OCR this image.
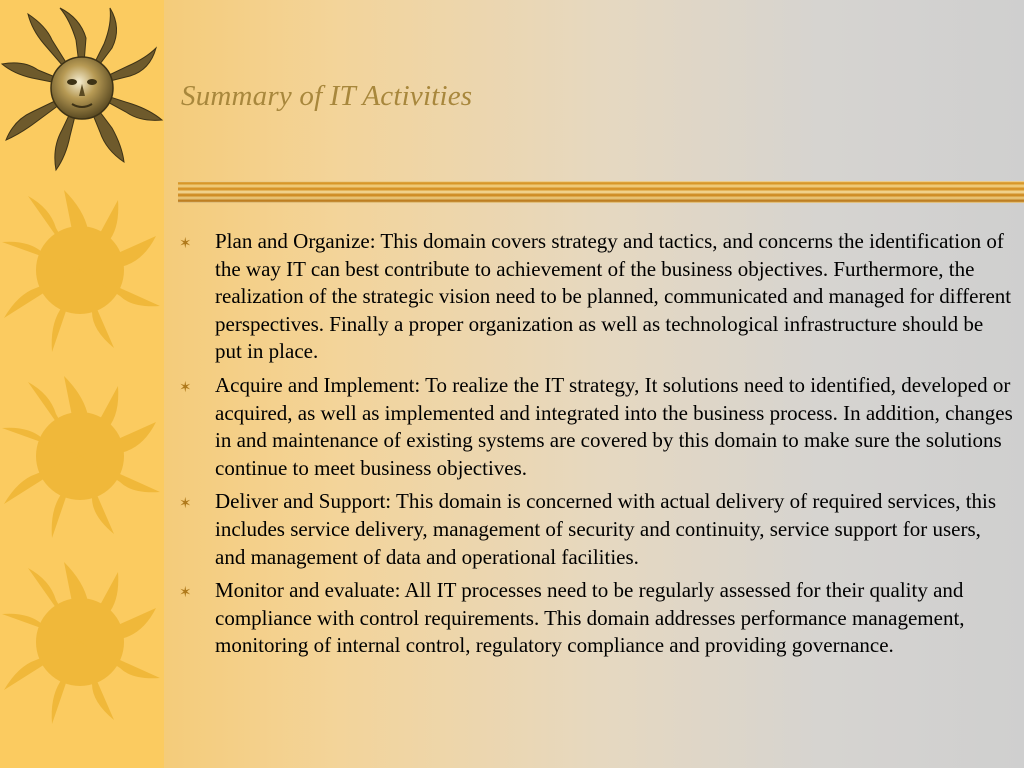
Summary of IT Activities
✶ Plan and Organize: This domain covers strategy and tactics, and concerns the identification of the way IT can best contribute to achievement of the business objectives. Furthermore, the realization of the strategic vision need to be planned, communicated and managed for different perspectives. Finally a proper organization as well as technological infrastructure should be put in place.
✶ Acquire and Implement: To realize the IT strategy, It solutions need to identified, developed or acquired, as well as implemented and integrated into the business process. In addition, changes in and maintenance of existing systems are covered by this domain to make sure the solutions continue to meet business objectives.
✶ Deliver and Support: This domain is concerned with actual delivery of required services, this includes service delivery, management of security and continuity, service support for users, and management of data and operational facilities.
✶ Monitor and evaluate: All IT processes need to be regularly assessed for their quality and compliance with control requirements. This domain addresses performance management, monitoring of internal control, regulatory compliance and providing governance.
